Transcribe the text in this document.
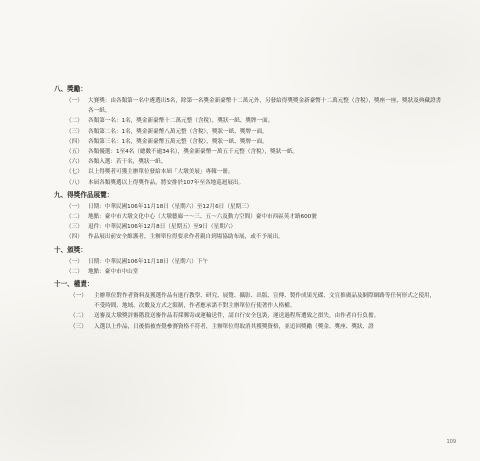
八、獎勵：
（一） 大賽獎：由各類第一名中遴選出5名，除第一名獎金新臺幣十二萬元外，另發給得獎獎金新臺幣十二萬元整（含稅），獎座一座、獎狀及典藏證書各一紙。
（二） 各類第一名：1名，獎金新臺幣十二萬元整（含稅），獎狀一紙、獎牌一面。
（三） 各類第二名：1名，獎金新臺幣八萬元整（含稅），獎狀一紙、獎牌一面。
（四） 各類第三名：1名，獎金新臺幣五萬元整（含稅），獎狀一紙、獎牌一面。
（五） 各類優選：1至4名（總數不逾34名），獎金新臺幣一萬五千元整（含稅），獎狀一紙。
（六） 各類入選：若干名，獎狀一紙。
（七） 以上得獎者可獲主辦單位發給本屆「大墩美展」專輯一冊。
（八） 本屆各類獎選以上得獎作品，將安排於107年至各地巡迴展出。
九、得獎作品展覽：
（一） 日期：中華民國106年11月18日（星期六）至12月6日（星期三）
（二） 地點：臺中市大墩文化中心（大墩藝廊一～三、五～六及動力空間）臺中市西區英才路600號
（三） 退件：中華民國106年12月8日（星期五）至9日（星期六）
（四） 作品展出前安全維護者，主辦單位得要求作者親自到場協助布展，或不予展出。
十、頒獎：
（一） 日期：中華民國106年11月18日（星期六）下午
（二） 地點：臺中市中山堂
十一、權責：
（一）	主辦單位對作者資料及獲選作品有進行教學、研究、展覽、攝影、出版、宣傳、製作成果光碟、文宣推廣品及網際網路等任何形式之使用，不受時間、地域、次數及方式之限制，作者應承諾不對主辦單位行使著作人格權。
（二）	送審及大墩獎評審階段送審作品若採郵寄或運輸送件，請自行安全包裝，運送過程所遭致之損失，由作者自行負擔。
（三）	入選以上作品，日後倘被查覺參賽資格不符者，主辦單位得取消其獲獎資格，並追回獎勵（獎金、獎座、獎狀、證
109
